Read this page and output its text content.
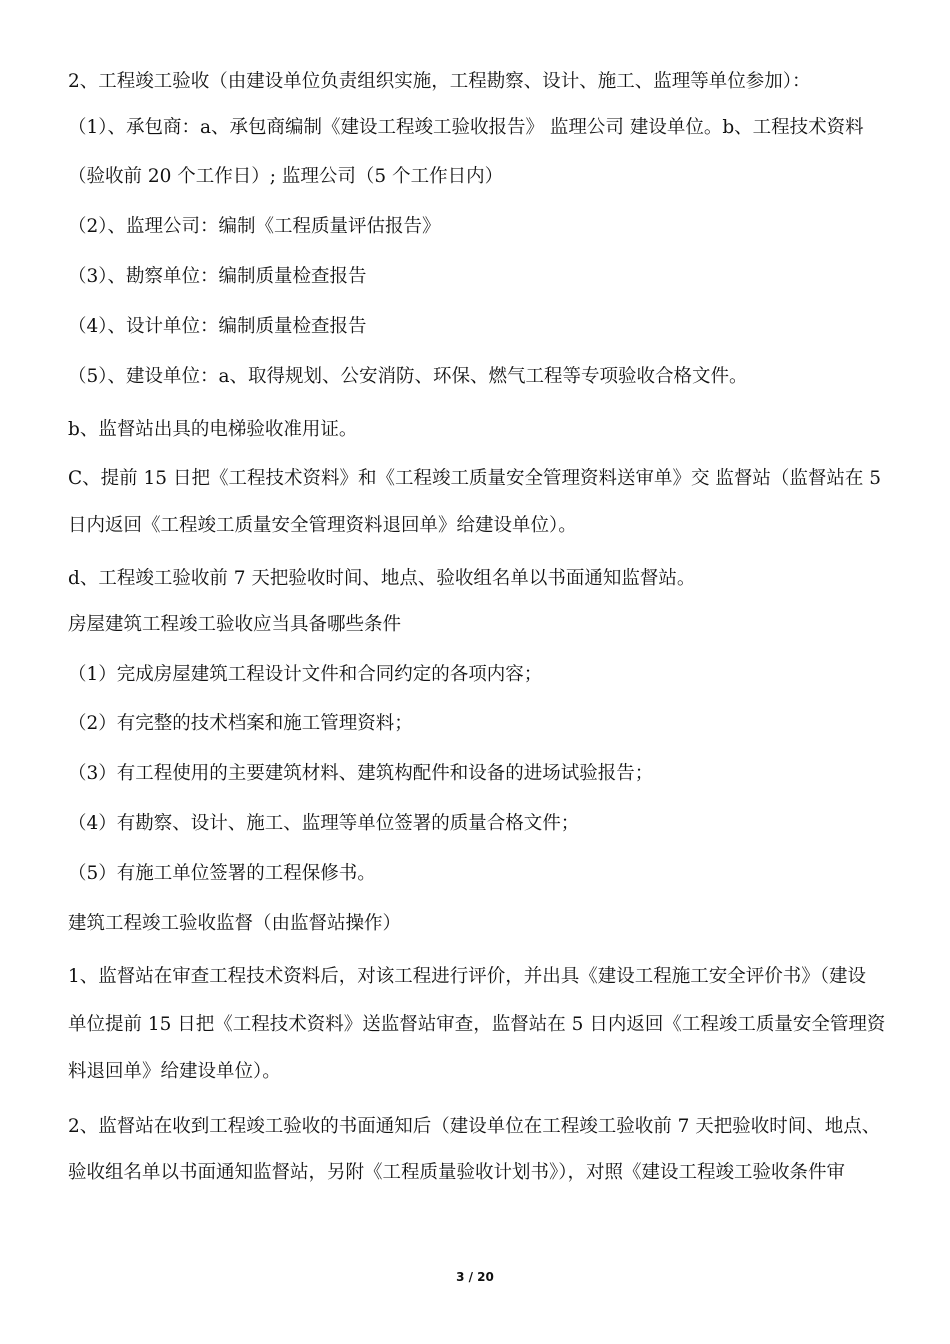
2、工程竣工验收（由建设单位负责组织实施，工程勘察、设计、施工、监理等单位参加）：
（1）、承包商：a、承包商编制《建设工程竣工验收报告》 监理公司 建设单位。b、工程技术资料
（验收前 20 个工作日）; 监理公司（5 个工作日内）
（2）、监理公司：编制《工程质量评估报告》
（3）、勘察单位：编制质量检查报告
（4）、设计单位：编制质量检查报告
（5）、建设单位：a、取得规划、公安消防、环保、燃气工程等专项验收合格文件。
b、监督站出具的电梯验收准用证。
C、提前 15 日把《工程技术资料》和《工程竣工质量安全管理资料送审单》交 监督站（监督站在 5
日内返回《工程竣工质量安全管理资料退回单》给建设单位）。
d、工程竣工验收前 7 天把验收时间、地点、验收组名单以书面通知监督站。
房屋建筑工程竣工验收应当具备哪些条件
（1）完成房屋建筑工程设计文件和合同约定的各项内容；
（2）有完整的技术档案和施工管理资料；
（3）有工程使用的主要建筑材料、建筑构配件和设备的进场试验报告；
（4）有勘察、设计、施工、监理等单位签署的质量合格文件；
（5）有施工单位签署的工程保修书。
建筑工程竣工验收监督（由监督站操作）
1、监督站在审查工程技术资料后，对该工程进行评价，并出具《建设工程施工安全评价书》（建设
单位提前 15 日把《工程技术资料》送监督站审查，监督站在 5 日内返回《工程竣工质量安全管理资
料退回单》给建设单位）。
2、监督站在收到工程竣工验收的书面通知后（建设单位在工程竣工验收前 7 天把验收时间、地点、
验收组名单以书面通知监督站，另附《工程质量验收计划书》），对照《建设工程竣工验收条件审
3 / 20
